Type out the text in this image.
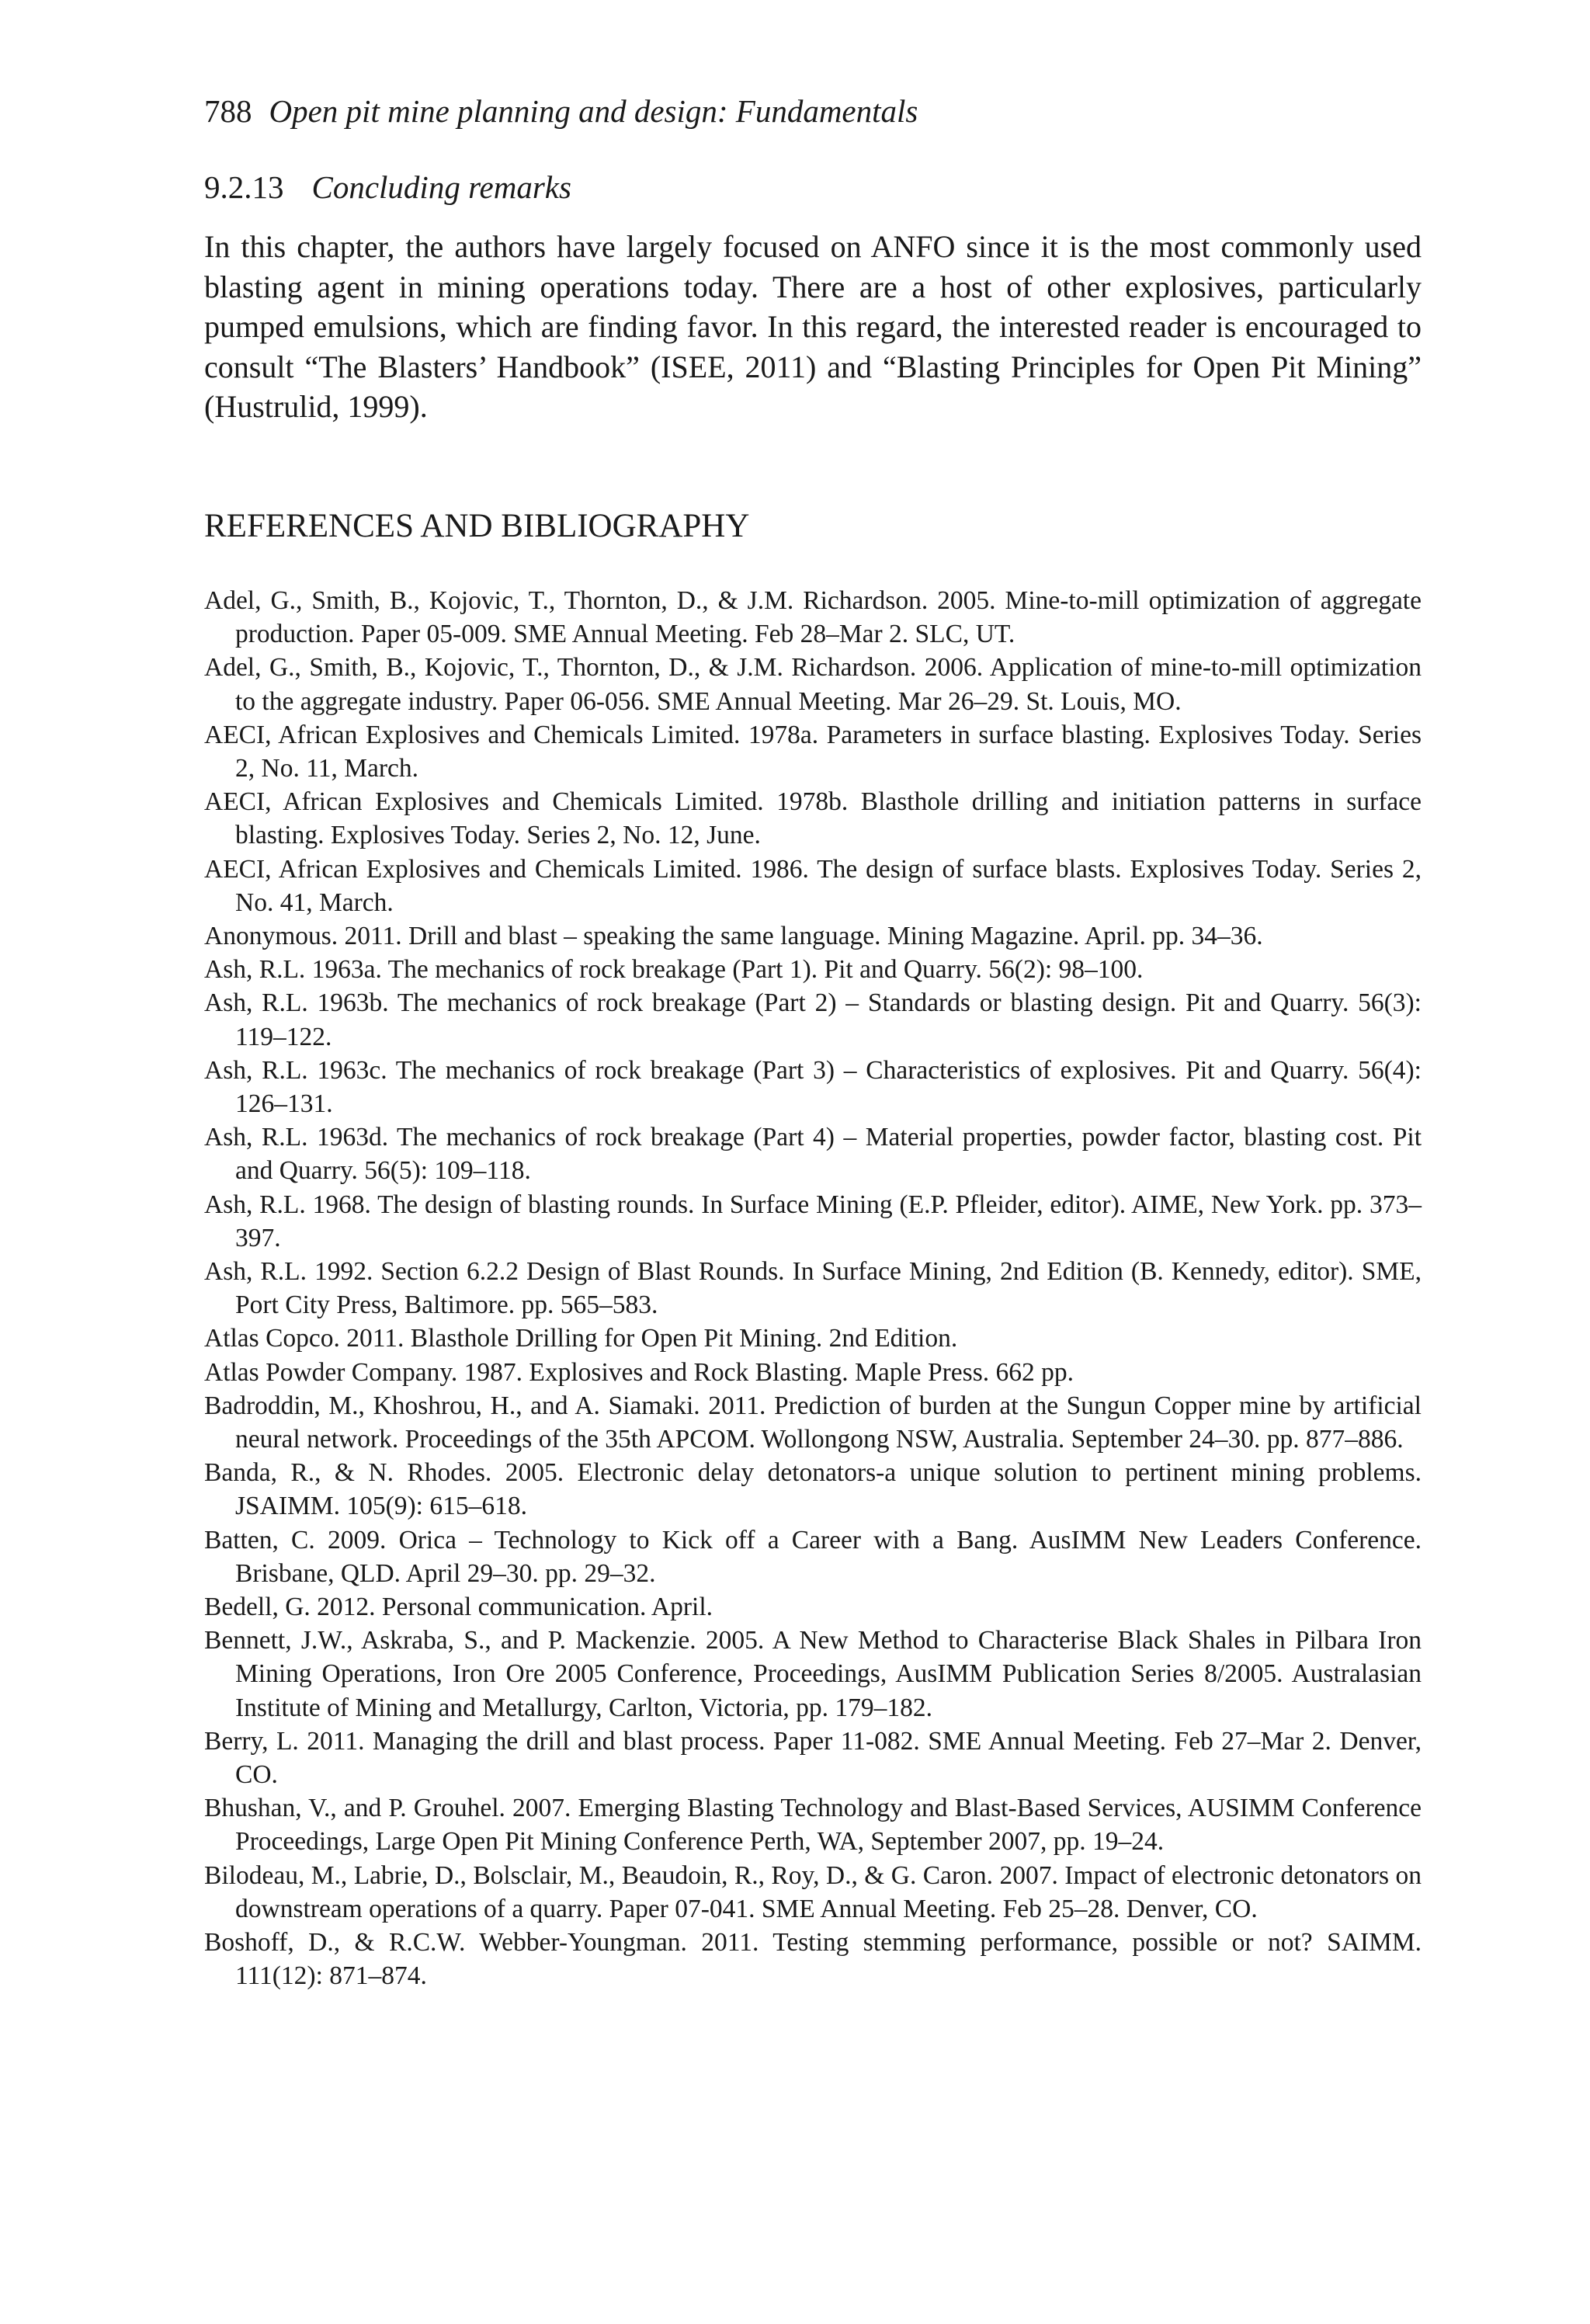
788 Open pit mine planning and design: Fundamentals

9.2.13 Concluding remarks

In this chapter, the authors have largely focused on ANFO since it is the most commonly used blasting agent in mining operations today. There are a host of other explosives, particularly pumped emulsions, which are finding favor. In this regard, the interested reader is encouraged to consult “The Blasters’ Handbook” (ISEE, 2011) and “Blasting Principles for Open Pit Mining” (Hustrulid, 1999).

REFERENCES AND BIBLIOGRAPHY
Adel, G., Smith, B., Kojovic, T., Thornton, D., & J.M. Richardson. 2005. Mine-to-mill optimization of aggregate production. Paper 05-009. SME Annual Meeting. Feb 28–Mar 2. SLC, UT.
Adel, G., Smith, B., Kojovic, T., Thornton, D., & J.M. Richardson. 2006. Application of mine-to-mill optimization to the aggregate industry. Paper 06-056. SME Annual Meeting. Mar 26–29. St. Louis, MO.
AECI, African Explosives and Chemicals Limited. 1978a. Parameters in surface blasting. Explosives Today. Series 2, No. 11, March.
AECI, African Explosives and Chemicals Limited. 1978b. Blasthole drilling and initiation patterns in surface blasting. Explosives Today. Series 2, No. 12, June.
AECI, African Explosives and Chemicals Limited. 1986. The design of surface blasts. Explosives Today. Series 2, No. 41, March.
Anonymous. 2011. Drill and blast – speaking the same language. Mining Magazine. April. pp. 34–36.
Ash, R.L. 1963a. The mechanics of rock breakage (Part 1). Pit and Quarry. 56(2): 98–100.
Ash, R.L. 1963b. The mechanics of rock breakage (Part 2) – Standards or blasting design. Pit and Quarry. 56(3): 119–122.
Ash, R.L. 1963c. The mechanics of rock breakage (Part 3) – Characteristics of explosives. Pit and Quarry. 56(4): 126–131.
Ash, R.L. 1963d. The mechanics of rock breakage (Part 4) – Material properties, powder factor, blasting cost. Pit and Quarry. 56(5): 109–118.
Ash, R.L. 1968. The design of blasting rounds. In Surface Mining (E.P. Pfleider, editor). AIME, New York. pp. 373–397.
Ash, R.L. 1992. Section 6.2.2 Design of Blast Rounds. In Surface Mining, 2nd Edition (B. Kennedy, editor). SME, Port City Press, Baltimore. pp. 565–583.
Atlas Copco. 2011. Blasthole Drilling for Open Pit Mining. 2nd Edition.
Atlas Powder Company. 1987. Explosives and Rock Blasting. Maple Press. 662 pp.
Badroddin, M., Khoshrou, H., and A. Siamaki. 2011. Prediction of burden at the Sungun Copper mine by artificial neural network. Proceedings of the 35th APCOM. Wollongong NSW, Australia. September 24–30. pp. 877–886.
Banda, R., & N. Rhodes. 2005. Electronic delay detonators-a unique solution to pertinent mining problems. JSAIMM. 105(9): 615–618.
Batten, C. 2009. Orica – Technology to Kick off a Career with a Bang. AusIMM New Leaders Conference. Brisbane, QLD. April 29–30. pp. 29–32.
Bedell, G. 2012. Personal communication. April.
Bennett, J.W., Askraba, S., and P. Mackenzie. 2005. A New Method to Characterise Black Shales in Pilbara Iron Mining Operations, Iron Ore 2005 Conference, Proceedings, AusIMM Publication Series 8/2005. Australasian Institute of Mining and Metallurgy, Carlton, Victoria, pp. 179–182.
Berry, L. 2011. Managing the drill and blast process. Paper 11-082. SME Annual Meeting. Feb 27–Mar 2. Denver, CO.
Bhushan, V., and P. Grouhel. 2007. Emerging Blasting Technology and Blast-Based Services, AUSIMM Conference Proceedings, Large Open Pit Mining Conference Perth, WA, September 2007, pp. 19–24.
Bilodeau, M., Labrie, D., Bolsclair, M., Beaudoin, R., Roy, D., & G. Caron. 2007. Impact of electronic detonators on downstream operations of a quarry. Paper 07-041. SME Annual Meeting. Feb 25–28. Denver, CO.
Boshoff, D., & R.C.W. Webber-Youngman. 2011. Testing stemming performance, possible or not? SAIMM. 111(12): 871–874.
